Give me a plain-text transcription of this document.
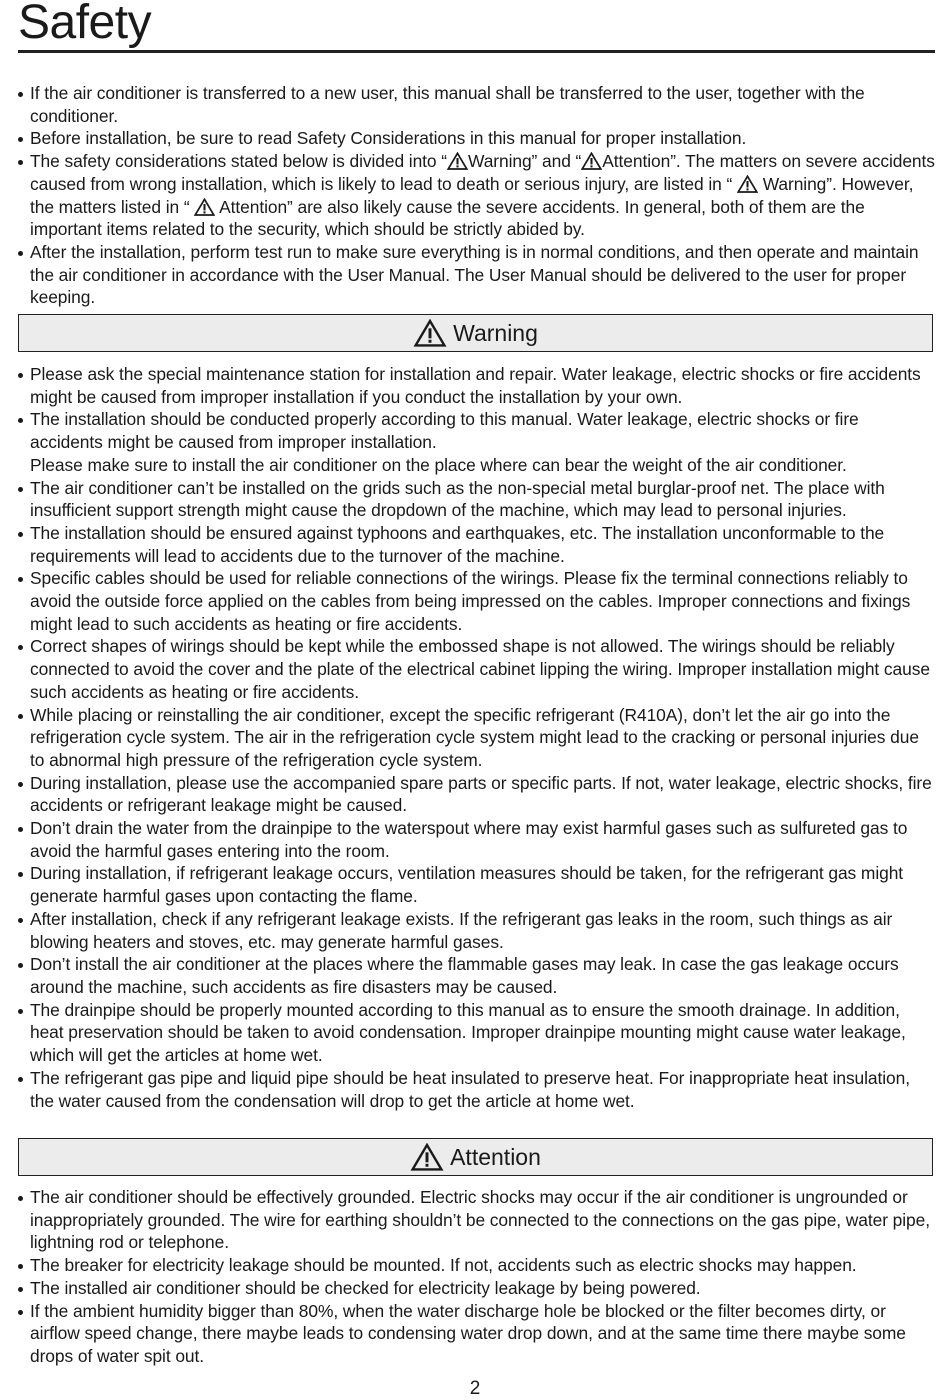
Safety
If the air conditioner is transferred to a new user, this manual shall be transferred to the user, together with the conditioner.
Before installation, be sure to read Safety Considerations in this manual for proper installation.
The safety considerations stated below is divided into “ Warning” and “ Attention”. The matters on severe accidents caused from wrong installation, which is likely to lead to death or serious injury, are listed in “  Warning”. However, the matters listed in “  Attention” are also likely cause the severe accidents. In general, both of them are the important items related to the security, which should be strictly abided by.
After the installation, perform test run to make sure everything is in normal conditions, and then operate and maintain the air conditioner in accordance with the User Manual. The User Manual should be delivered to the user for proper keeping.
Warning
Please ask the special maintenance station for installation and repair. Water leakage, electric shocks or fire accidents might be caused from improper installation if you conduct the installation by your own.
The installation should be conducted properly according to this manual. Water leakage, electric shocks or fire accidents might be caused from improper installation.
Please make sure to install the air conditioner on the place where can bear the weight of the air conditioner.
The air conditioner can’t be installed on the grids such as the non-special metal burglar-proof net. The place with insufficient support strength might cause the dropdown of the machine, which may lead to personal injuries.
The installation should be ensured against typhoons and earthquakes, etc. The installation unconformable to the requirements will lead to accidents due to the turnover of the machine.
Specific cables should be used for reliable connections of the wirings. Please fix the terminal connections reliably to avoid the outside force applied on the cables from being impressed on the cables. Improper connections and fixings might lead to such accidents as heating or fire accidents.
Correct shapes of wirings should be kept while the embossed shape is not allowed. The wirings should be reliably connected to avoid the cover and the plate of the electrical cabinet lipping the wiring. Improper installation might cause such accidents as heating or fire accidents.
While placing or reinstalling the air conditioner, except the specific refrigerant (R410A), don’t let the air go into the refrigeration cycle system. The air in the refrigeration cycle system might lead to the cracking or personal injuries due to abnormal high pressure of the refrigeration cycle system.
During installation, please use the accompanied spare parts or specific parts. If not, water leakage, electric shocks, fire accidents or refrigerant leakage might be caused.
Don’t drain the water from the drainpipe to the waterspout where may exist harmful gases such as sulfureted gas to avoid the harmful gases entering into the room.
During installation, if refrigerant leakage occurs, ventilation measures should be taken, for the refrigerant gas might generate harmful gases upon contacting the flame.
After installation, check if any refrigerant leakage exists. If the refrigerant gas leaks in the room, such things as air blowing heaters and stoves, etc. may generate harmful gases.
Don’t install the air conditioner at the places where the flammable gases may leak. In case the gas leakage occurs around the machine, such accidents as fire disasters may be caused.
The drainpipe should be properly mounted according to this manual as to ensure the smooth drainage. In addition, heat preservation should be taken to avoid condensation. Improper drainpipe mounting might cause water leakage, which will get the articles at home wet.
The refrigerant gas pipe and liquid pipe should be heat insulated to preserve heat. For inappropriate heat insulation, the water caused from the condensation will drop to get the article at home wet.
Attention
The air conditioner should be effectively grounded. Electric shocks may occur if the air conditioner is ungrounded or inappropriately grounded. The wire for earthing shouldn’t be connected to the connections on the gas pipe, water pipe, lightning rod or telephone.
The breaker for electricity leakage should be mounted. If not, accidents such as electric shocks may happen.
The installed air conditioner should be checked for electricity leakage by being powered.
If the ambient humidity bigger than 80%, when the water discharge hole be blocked or the filter becomes dirty, or airflow speed change, there maybe leads to condensing water drop down, and at the same time there maybe some drops of water spit out.
2
